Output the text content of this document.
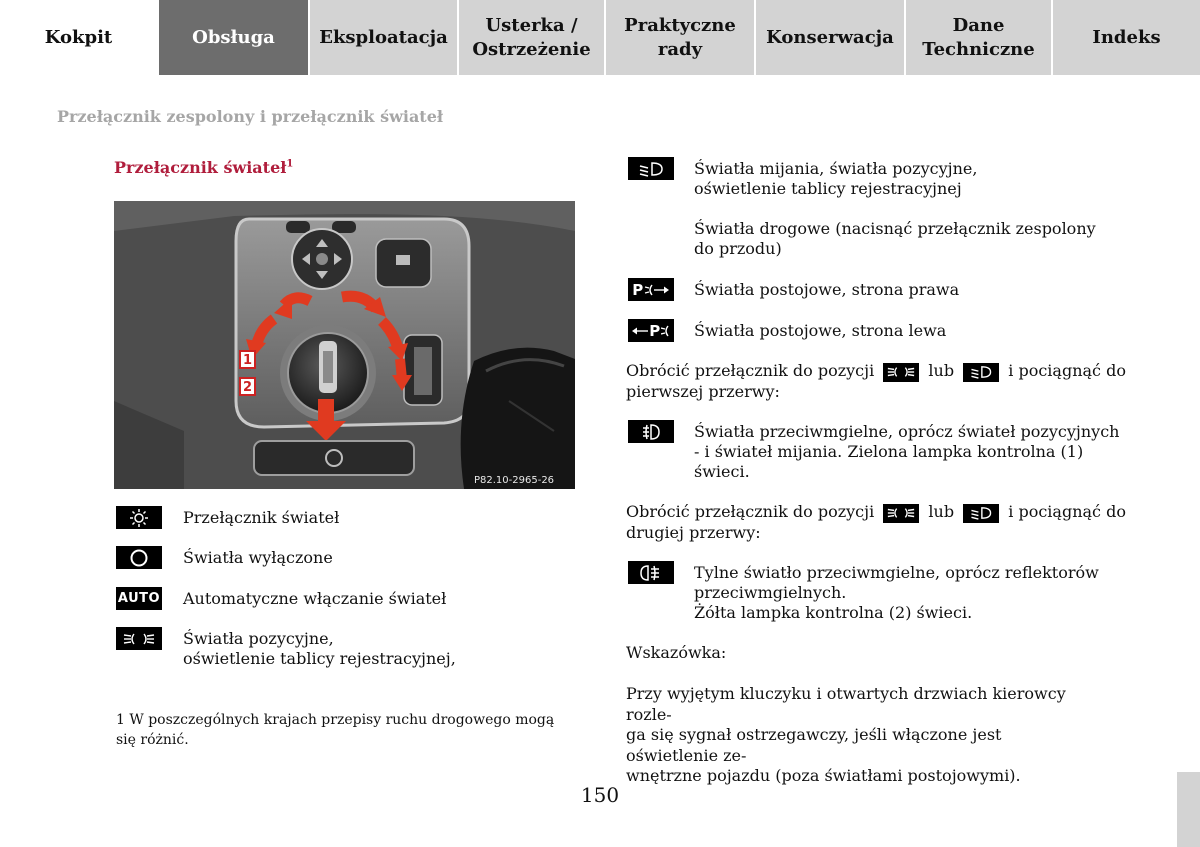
Kokpit	Obsługa Eksploatacja
Usterka /
Ostrzeżenie
Praktyczne
rady
Konserwacja
Dane
Techniczne
Indeks
Przełącznik zespolony i przełącznik świateł
Przełącznik świateł$^1$
1
2
P82.10-2965-26
Przełącznik świateł
Światła wyłączone
AUTO Automatyczne włączanie świateł
Światła pozycyjne,
oświetlenie tablicy rejestracyjnej,
1 W poszczególnych krajach przepisy ruchu drogowego mogą się różnić.
Światła mijania, światła pozycyjne,
oświetlenie tablicy rejestracyjnej
Światła drogowe (nacisnąć przełącznik zespolony
do przodu)
P	Światła postojowe, strona prawa
P Światła postojowe, strona lewa
Obrócić przełącznik do pozycji	lub	i pociągnąć do
pierwszej przerwy:
Światła przeciwmgielne, oprócz świateł pozycyjnych
- i świateł mijania. Zielona lampka kontrolna (1)
świeci.
Obrócić przełącznik do pozycji	lub	i pociągnąć do
drugiej przerwy:
Tylne światło przeciwmgielne, oprócz reflektorów
przeciwmgielnych.
Żółta lampka kontrolna (2) świeci.
Wskazówka:
Przy wyjętym kluczyku i otwartych drzwiach kierowcy rozle-
ga się sygnał ostrzegawczy, jeśli włączone jest oświetlenie ze-
wnętrzne pojazdu (poza światłami postojowymi).
150
